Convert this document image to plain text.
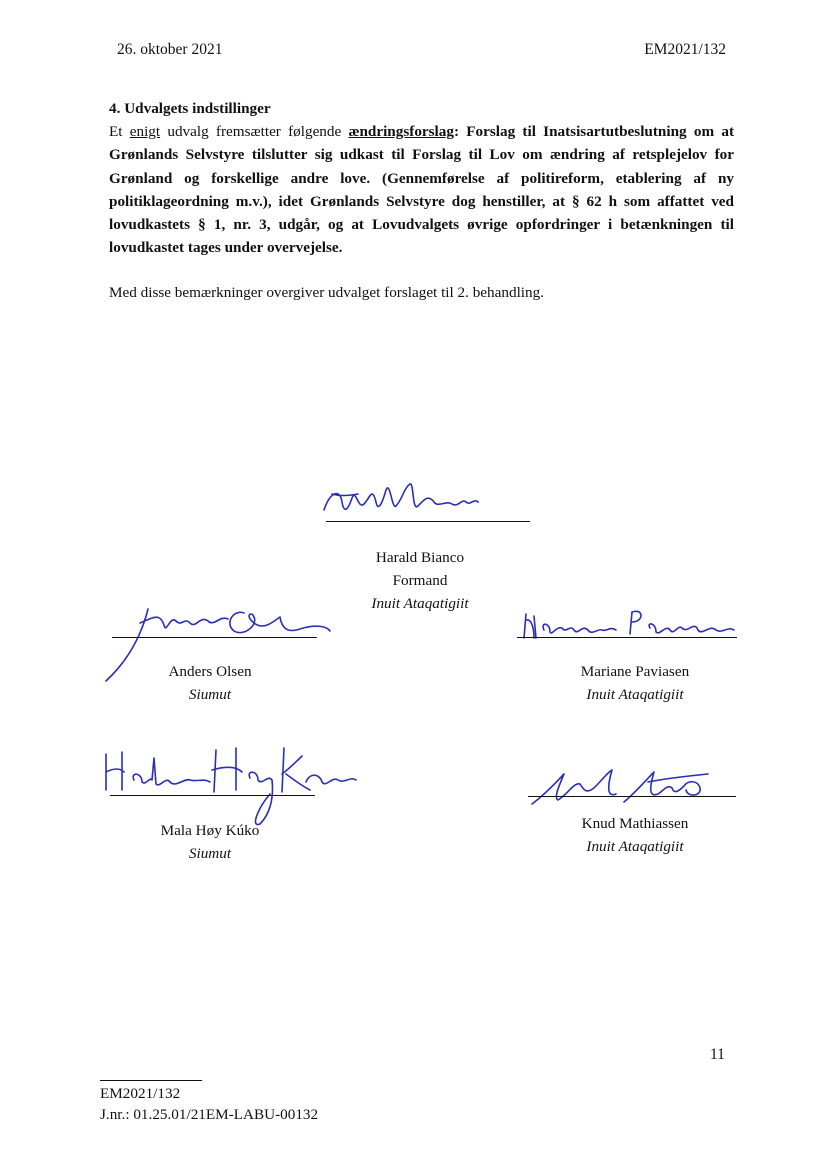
26. oktober 2021	EM2021/132
4. Udvalgets indstillinger

Et enigt udvalg fremsætter følgende ændringsforslag: Forslag til Inatsisartutbeslutning om at Grønlands Selvstyre tilslutter sig udkast til Forslag til Lov om ændring af retsplejelov for Grønland og forskellige andre love. (Gennemførelse af politireform, etablering af ny politiklageordning m.v.), idet Grønlands Selvstyre dog henstiller, at § 62 h som affattet ved lovudkastets § 1, nr. 3, udgår, og at Lovudvalgets øvrige opfordringer i betænkningen til lovudkastet tages under overvejelse.

Med disse bemærkninger overgiver udvalget forslaget til 2. behandling.
Harald Bianco
Formand
Inuit Ataqatigiit
Anders Olsen
Siumut
Mariane Paviasen
Inuit Ataqatigiit
Mala Høy Kúko
Siumut
Knud Mathiassen
Inuit Ataqatigiit
11
EM2021/132
J.nr.: 01.25.01/21EM-LABU-00132
